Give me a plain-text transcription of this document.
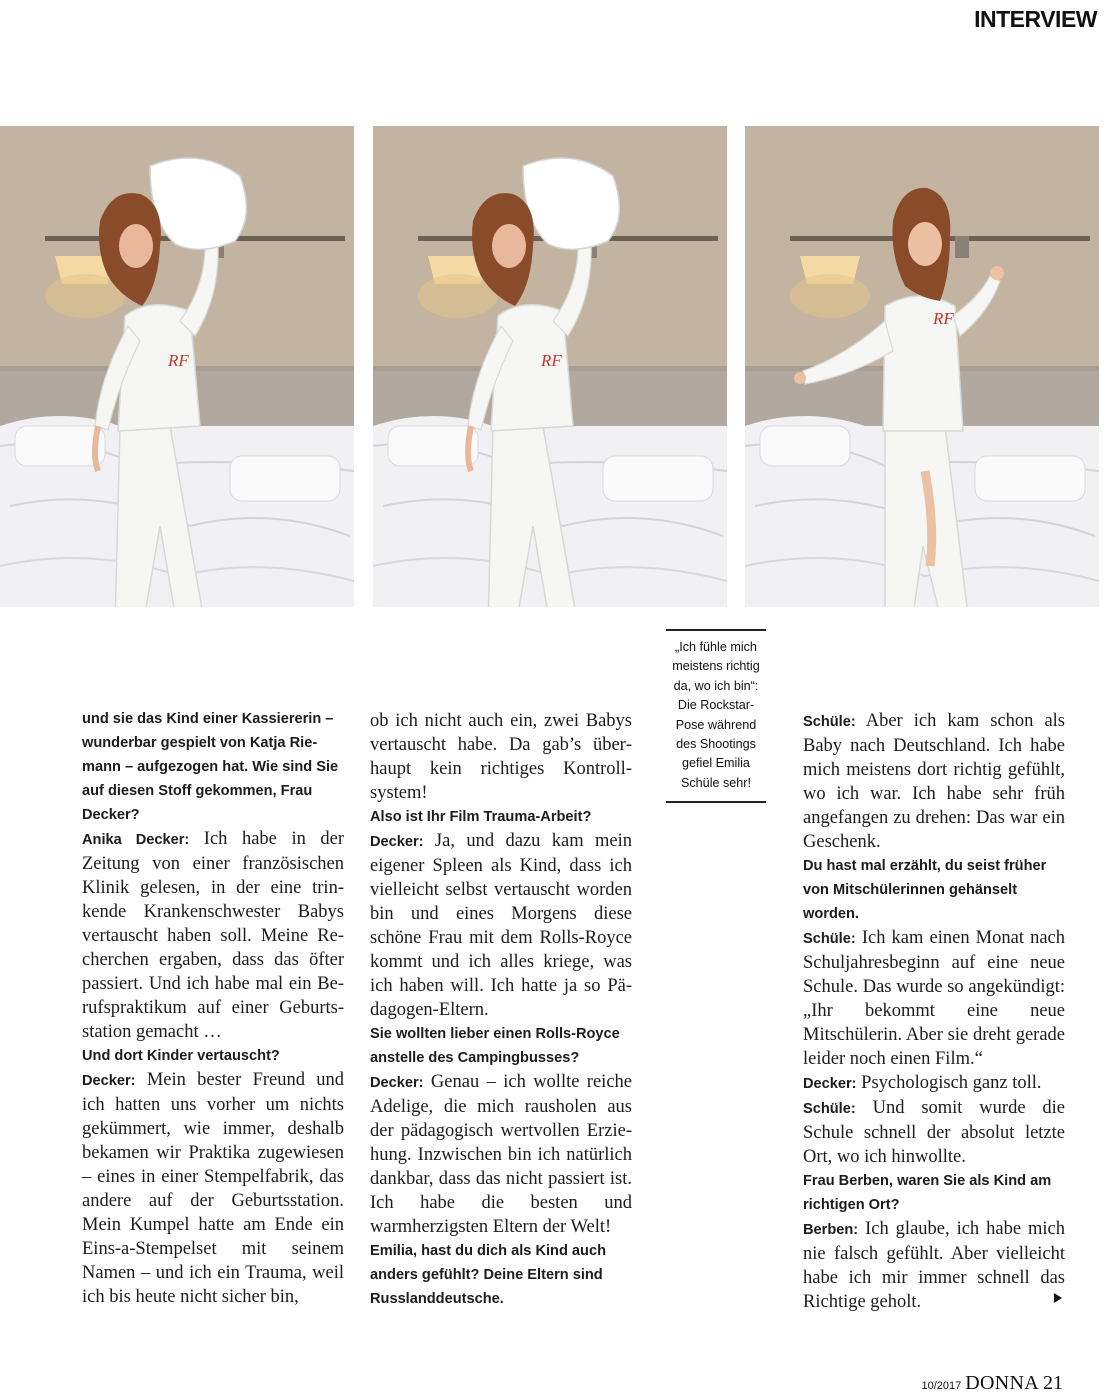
INTERVIEW
RF	RF
RF

und sie das Kind einer Kassiererin – wunderbar gespielt von Katja Riemann – aufgezogen hat. Wie sind Sie auf diesen Stoff gekommen, Frau Decker?

Anika Decker: Ich habe in der Zeitung von einer französischen Klinik gelesen, in der eine trinkende Krankenschwester Babys vertauscht haben soll. Meine Recherchen ergaben, dass das öfter passiert. Und ich habe mal ein Berufspraktikum auf einer Geburtsstation gemacht …

Und dort Kinder vertauscht?

Decker: Mein bester Freund und ich hatten uns vorher um nichts gekümmert, wie immer, deshalb bekamen wir Praktika zugewiesen – eines in einer Stempelfabrik, das andere auf der Geburtsstation. Mein Kumpel hatte am Ende ein Eins-a-Stempelset mit seinem Namen – und ich ein Trauma, weil ich bis heute nicht sicher bin,

ob ich nicht auch ein, zwei Babys vertauscht habe. Da gab’s überhaupt kein richtiges Kontrollsystem!

Also ist Ihr Film Trauma-Arbeit?

Decker: Ja, und dazu kam mein eigener Spleen als Kind, dass ich vielleicht selbst vertauscht worden bin und eines Morgens diese schöne Frau mit dem Rolls-Royce kommt und ich alles kriege, was ich haben will. Ich hatte ja so Pädagogen-Eltern.

Sie wollten lieber einen Rolls-Royce anstelle des Campingbusses?

Decker: Genau – ich wollte reiche Adelige, die mich rausholen aus der pädagogisch wertvollen Erziehung. Inzwischen bin ich natürlich dankbar, dass das nicht passiert ist. Ich habe die besten und warmherzigsten Eltern der Welt!

Emilia, hast du dich als Kind auch anders gefühlt? Deine Eltern sind Russlanddeutsche.

„Ich fühle mich meistens richtig da, wo ich bin“: Die Rockstar-Pose während des Shootings gefiel Emilia Schüle sehr!

Schüle: Aber ich kam schon als Baby nach Deutschland. Ich habe mich meistens dort richtig gefühlt, wo ich war. Ich habe sehr früh angefangen zu drehen: Das war ein Geschenk.

Du hast mal erzählt, du seist früher von Mitschülerinnen gehänselt worden.

Schüle: Ich kam einen Monat nach Schuljahresbeginn auf eine neue Schule. Das wurde so angekündigt: „Ihr bekommt eine neue Mitschülerin. Aber sie dreht gerade leider noch einen Film.“

Decker: Psychologisch ganz toll.

Schüle: Und somit wurde die Schule schnell der absolut letzte Ort, wo ich hinwollte.

Frau Berben, waren Sie als Kind am richtigen Ort?

Berben: Ich glaube, ich habe mich nie falsch gefühlt. Aber vielleicht habe ich mir immer schnell das Richtige geholt.

10/2017 DONNA 21
